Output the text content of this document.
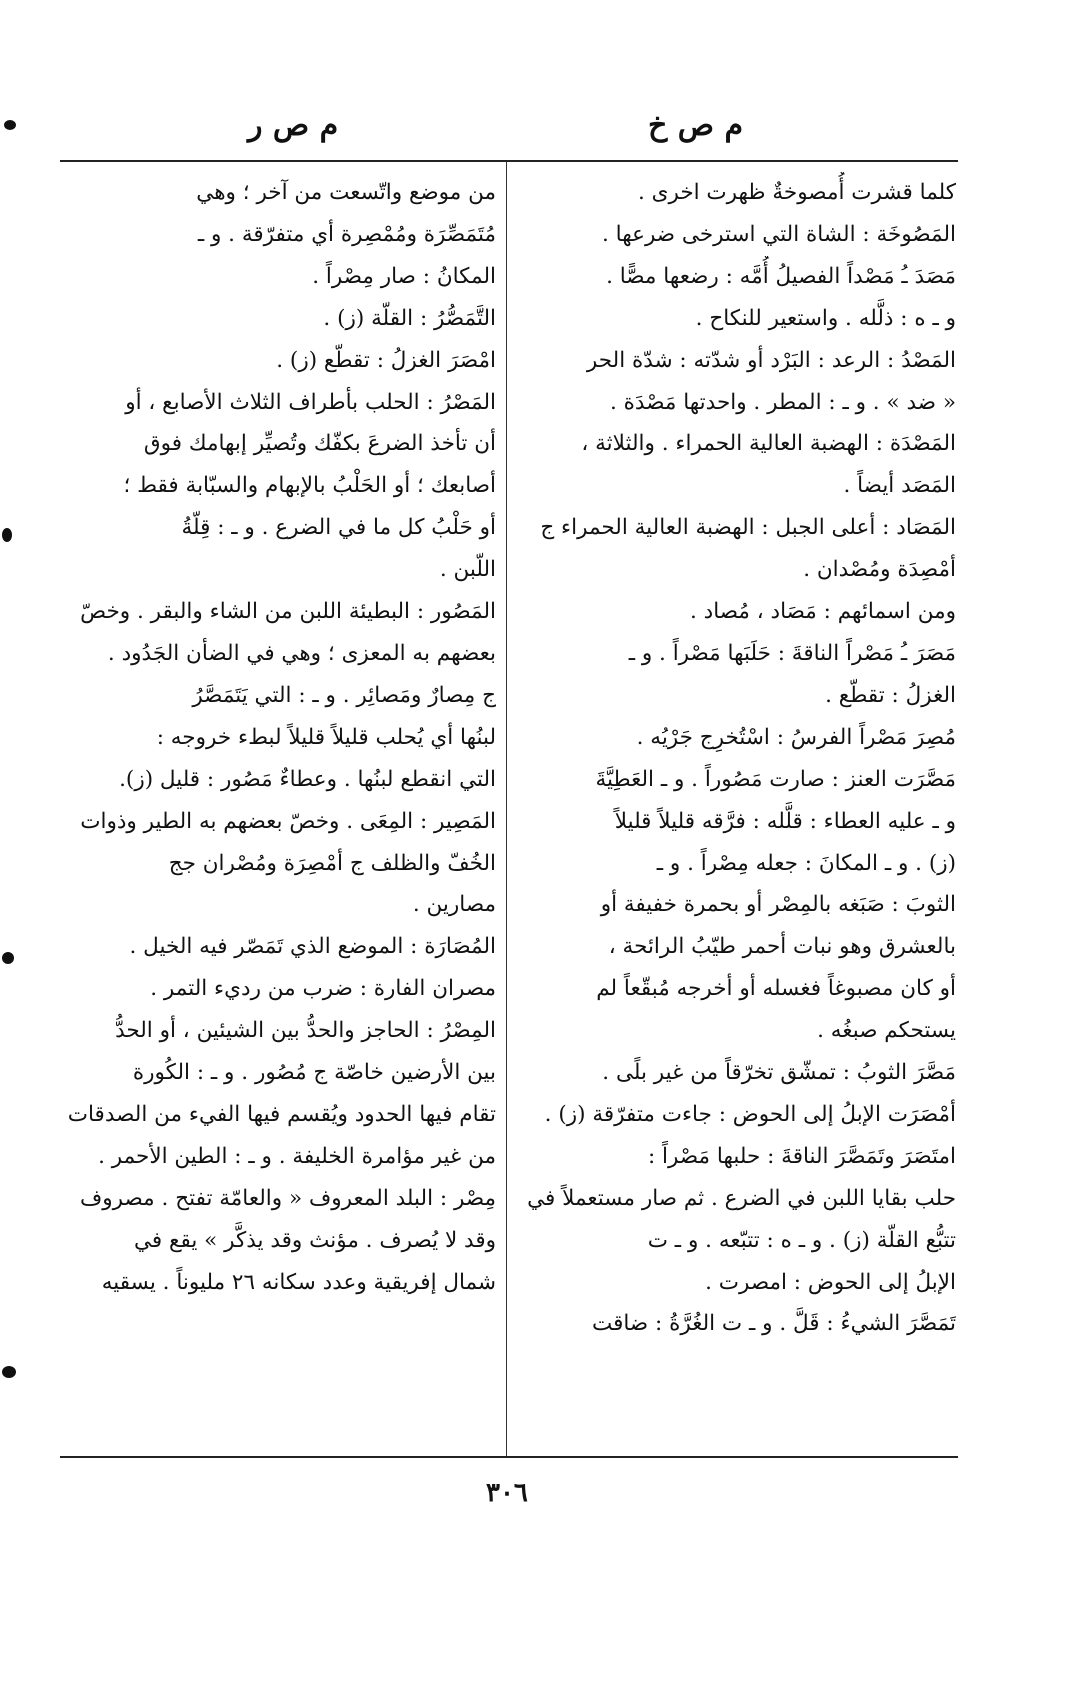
م ص خ
م ص ر
كلما قشرت أُمصوخةٌ ظهرت اخرى .
المَصُوخَة : الشاة التي استرخى ضرعها .
مَصَدَ ـُ مَصْداً الفصيلُ أُمَّه : رضعها مصًّا .
و ـ ه : ذلَّله . واستعير للنكاح .
المَصْدُ : الرعد : البَرْد أو شدّته : شدّة الحر
« ضد » . و ـ : المطر . واحدتها مَصْدَة .
المَصْدَة : الهضبة العالية الحمراء . والثلاثة ،
المَصَد أيضاً .
المَصَاد : أعلى الجبل : الهضبة العالية الحمراء ج
أمْصِدَة ومُصْدان .
ومن اسمائهم : مَصَاد ، مُصاد .
مَصَرَ ـُ مَصْراً الناقةَ : حَلَبَها مَصْراً . و ـ
الغزلُ : تقطّع .
مُصِرَ مَصْراً الفرسُ : اسْتُخرِج جَرْيُه .
مَصَّرَت العنز : صارت مَصُوراً . و ـ العَطِيَّةَ
و ـ عليه العطاء : قلَّله : فرَّقه قليلاً قليلاً
(ز) . و ـ المكانَ : جعله مِصْراً . و ـ
الثوبَ : صَبَغه بالمِصْر أو بحمرة خفيفة أو
بالعشرق وهو نبات أحمر طيّبُ الرائحة ،
أو كان مصبوغاً فغسله أو أخرجه مُبقّعاً لم
يستحكم صبغُه .
مَصَّرَ الثوبُ : تمشّق تخرّقاً من غير بلًى .
أمْصَرَت الإبلُ إلى الحوض : جاءت متفرّقة (ز) .
امتَصَرَ وتَمَصَّرَ الناقةَ : حلبها مَصْراً :
حلب بقايا اللبن في الضرع . ثم صار مستعملاً في
تتبُّع القلّة (ز) . و ـ ه : تتبّعه . و ـ ت
الإبلُ إلى الحوض : امصرت .
تَمَصَّرَ الشيءُ : قَلَّ . و ـ ت الغُرَّةُ : ضاقت
من موضع واتّسعت من آخر ؛ وهي
مُتَمَصِّرَة ومُمْصِرة أي متفرّقة . و ـ
المكانُ : صار مِصْراً .
التَّمَصُّرُ : القلّة (ز) .
امْصَرَ الغزلُ : تقطّع (ز) .
المَصْرُ : الحلب بأطراف الثلاث الأصابع ، أو
أن تأخذ الضرعَ بكفّك وتُصيِّر إبهامك فوق
أصابعك ؛ أو الحَلْبُ بالإبهام والسبّابة فقط ؛
أو حَلْبُ كل ما في الضرع . و ـ : قِلّةُ
اللّبن .
المَصُور : البطيئة اللبن من الشاء والبقر . وخصّ
بعضهم به المعزى ؛ وهي في الضأن الجَدُود .
ج مِصارٌ ومَصائِر . و ـ : التي يَتَمَصَّرُ
لبنُها أي يُحلب قليلاً قليلاً لبطء خروجه :
التي انقطع لبنُها . وعطاءٌ مَصُور : قليل (ز).
المَصِير : المِعَى . وخصّ بعضهم به الطير وذوات
الخُفّ والظلف ج أمْصِرَة ومُصْران جج
مصارين .
المُصَارَة : الموضع الذي تَمَصّر فيه الخيل .
مصران الفارة : ضرب من رديء التمر .
المِصْرُ : الحاجز والحدُّ بين الشيئين ، أو الحدُّ
بين الأرضين خاصّة ج مُصُور . و ـ : الكُورة
تقام فيها الحدود ويُقسم فيها الفيء من الصدقات
من غير مؤامرة الخليفة . و ـ : الطين الأحمر .
مِصْر : البلد المعروف « والعامّة تفتح . مصروف
وقد لا يُصرف . مؤنث وقد يذكَّر » يقع في
شمال إفريقية وعدد سكانه ٢٦ مليوناً . يسقيه
٣٠٦
